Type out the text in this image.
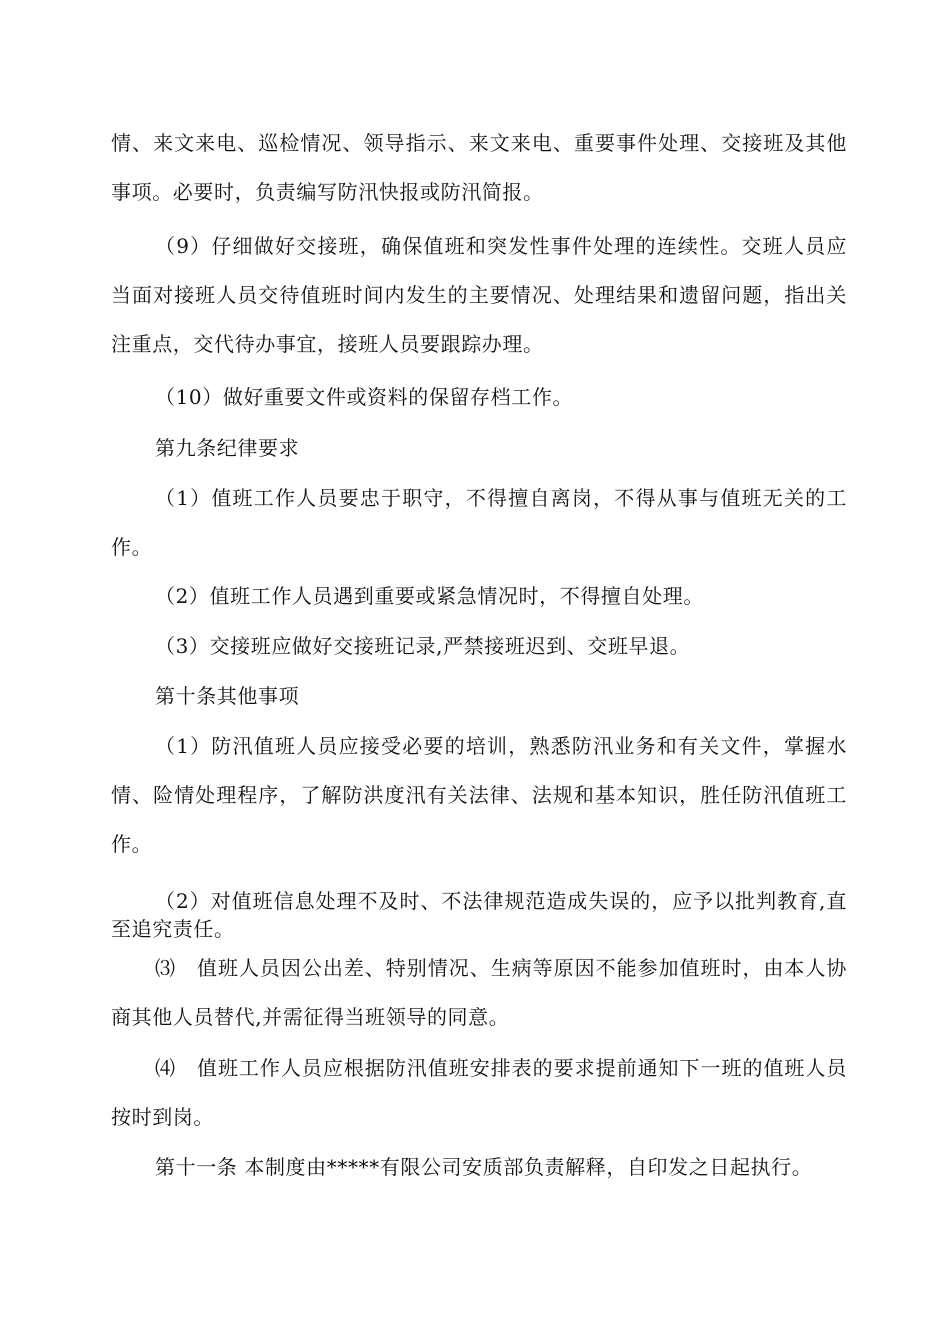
情、来文来电、巡检情况、领导指示、来文来电、重要事件处理、交接班及其他事项。必要时，负责编写防汛快报或防汛简报。

（9）仔细做好交接班，确保值班和突发性事件处理的连续性。交班人员应当面对接班人员交待值班时间内发生的主要情况、处理结果和遗留问题，指出关注重点，交代待办事宜，接班人员要跟踪办理。

（10）做好重要文件或资料的保留存档工作。

第九条纪律要求

（1）值班工作人员要忠于职守，不得擅自离岗，不得从事与值班无关的工作。

（2）值班工作人员遇到重要或紧急情况时，不得擅自处理。

（3）交接班应做好交接班记录,严禁接班迟到、交班早退。

第十条其他事项

（1）防汛值班人员应接受必要的培训，熟悉防汛业务和有关文件，掌握水情、险情处理程序，了解防洪度汛有关法律、法规和基本知识，胜任防汛值班工作。

（2）对值班信息处理不及时、不法律规范造成失误的，应予以批判教育,直至追究责任。

⑶　值班人员因公出差、特别情况、生病等原因不能参加值班时，由本人协商其他人员替代,并需征得当班领导的同意。

⑷　值班工作人员应根据防汛值班安排表的要求提前通知下一班的值班人员按时到岗。

第十一条 本制度由*****有限公司安质部负责解释，自印发之日起执行。
